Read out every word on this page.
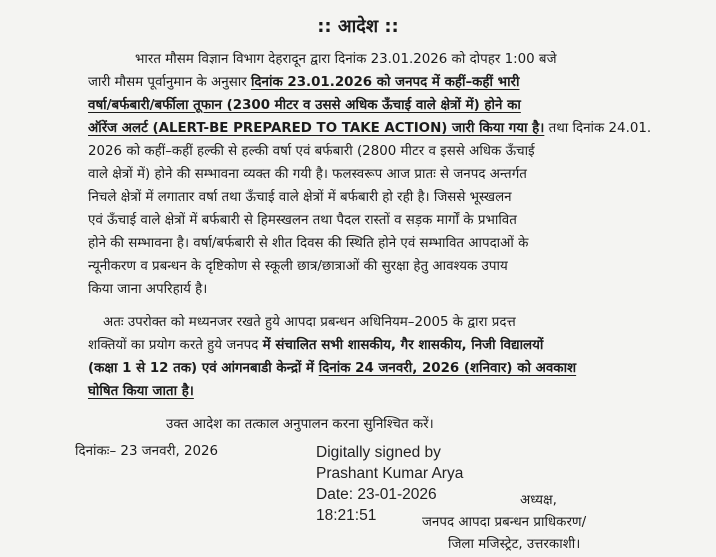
:: आदेश ::
भारत मौसम विज्ञान विभाग देहरादून द्वारा दिनांक 23.01.2026 को दोपहर 1:00 बजे
जारी मौसम पूर्वानुमान के अनुसार दिनांक 23.01.2026 को जनपद में कहीं–कहीं भारी
वर्षा/बर्फबारी/बर्फीला तूफान (2300 मीटर व उससे अधिक ऊँचाई वाले क्षेत्रों में) होने का
ऑरेंज अलर्ट (ALERT-BE PREPARED TO TAKE ACTION) जारी किया गया है। तथा दिनांक 24.01.
2026 को कहीं–कहीं हल्की से हल्की वर्षा एवं बर्फबारी (2800 मीटर व इससे अधिक ऊँचाई
वाले क्षेत्रों में) होने की सम्भावना व्यक्त की गयी है। फलस्वरूप आज प्रातः से जनपद अन्तर्गत
निचले क्षेत्रों में लगातार वर्षा तथा ऊँचाई वाले क्षेत्रों में बर्फबारी हो रही है। जिससे भूस्खलन
एवं ऊँचाई वाले क्षेत्रों में बर्फबारी से हिमस्खलन तथा पैदल रास्तों व सड़क मार्गों के प्रभावित
होने की सम्भावना है। वर्षा/बर्फबारी से शीत दिवस की स्थिति होने एवं सम्भावित आपदाओं के
न्यूनीकरण व प्रबन्धन के दृष्टिकोण से स्कूली छात्र/छात्राओं की सुरक्षा हेतु आवश्यक उपाय
किया जाना अपरिहार्य है।
अतः उपरोक्त को मध्यनजर रखते हुये आपदा प्रबन्धन अधिनियम–2005 के द्वारा प्रदत्त
शक्तियों का प्रयोग करते हुये जनपद में संचालित सभी शासकीय, गैर शासकीय, निजी विद्यालयों
(कक्षा 1 से 12 तक) एवं आंगनबाडी केन्द्रों में दिनांक 24 जनवरी, 2026 (शनिवार) को अवकाश
घोषित किया जाता है।
उक्त आदेश का तत्काल अनुपालन करना सुनिश्चित करें।
दिनांकः– 23 जनवरी, 2026	Digitally signed by
Prashant Kumar Arya
Date: 23-01-2026
18:21:51
अध्यक्ष,
जनपद आपदा प्रबन्धन प्राधिकरण/
जिला मजिस्ट्रेट, उत्तरकाशी।
